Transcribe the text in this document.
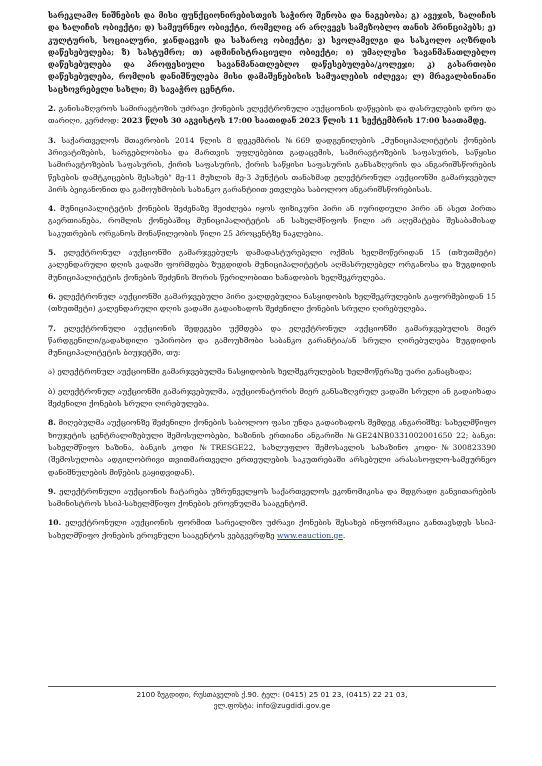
სარეკლამო ნიშნების და მისი ფუნქციონირებისთვის საჭირო შენობა და ნაგებობა; გ) ავეჯის, ხალიჩის და ხალიჩის ობიექტი; დ) სამეურნეო ობიექტი, რომელიც არ არღვევს სამეზობლო თანის პრინციპებს; ე) კულტურის, სოციალური, ჯანდაცვის და სახაროვ ობიექტი; ვ) სვოლამელგი და სასკოლო აღზრდის დაწესებულება; ზ) სასტუმრო; თ) ადმინისტრაციული ობიექტი; ი) უმაღლესი სავანმანათლებლო დაწესებულება და პროფესიული სავანმანათლებლო დაწესებულება/კოლეჯი; კ) გასართობი დაწესებულება, რომლის დანიშნულება მისი დამაშენებისის სამუალების იძლევა; ლ) მრავალბინიანი საცხოვრებელი სახლი; მ) სავაჭრო ცენტრი.

2. განისაზღვროს სამირავტოზის უძრავი ქონების ელექტრონული აუქციონის დაწყების და დასრულების დრო და თარიღი, კერძოდ: 2023 წლის 30 აგვისტოს 17:00 საათიდან 2023 წლის 11 სექტემბრის 17:00 საათამდე.

3. საქართველოს მთავრობის 2014 წლის 8 დეკემბრის №669 დადგენილების „მუნიციპალიტეტის ქონების პრივატიზების, სარგებლობისა და მართვის უფლებებით გადაცემის, სამირავტოზების საფასურის, საწყისი სამირავტოზების საფასურის, ქირის საფასურის, ქირის საწყისი საფასურის განსაზღვრის და ანგარიშსწორების წესების დამტკიცების შესახებ" მე-11 მუხლის მე-3 პუნქტის თანახმად ელექტრონულ აუქციონში გამარჯვებულ პირს ბეიგანონით და გამოუხმობის სახანკო გარანტიით ეთვლება საბოლოო ანგარიშსწორებისას.

4. მუნიციპალიტეტის ქონების შეძენაზე შეიძლება იყოს ფიზიკური პირი ან იურიდიული პირი ან ასეთ პირთა გაერთიანება, რომლის ქონებაშიც მუნიციპალიტეტის ან სახელმწიფოს წილი არ აღემატება შესაბამისად საკუთრების ორგანოს მონაწილეობის წილი 25 პროცენტზე ნაკლებია.

5. ელექტრონულ აუქციონში გამარჯვებულს დამადასტურებელი ოქმის ხელმოწერიდან 15 (თხუთმეტი) კალენდარული დღის ვადაში ფორმდება ზუგდიდის მუნიციპალიტეტის აღმასრულებელ ორგანოსა და ზუგდიდის მუნიციპალიტეტის ქონების შეძენის შორის წერილობითი ხანადობის ხელშეკრულება.

6. ელექტრონულ აუქციონში გამარჯვებული პირი ვალდებულია ნასყიდობის ხელშეკრულების გაფორმებიდან 15 (თხუთმეტი) კალენდარული დღის ვადაში გადაიხადოს შეძენილი ქონების სრული ღირებულება.

7. ელექტრონული აუქციონის შედეგები უქმდება და ელექტრონულ აუქციონში გამარჯვებულის მიერ წარდგენილი/გადახდილი უპირობო და გამოუხმობი საბანკო გარანტია/ან სრული ღირებულება ზუგდიდის მუნიციპალიტეტის ბიუჯეტში, თუ:

ა) ელექტრონულ აუქციონში გამარჯვებულმა ნასყიდობის ხელშეკრულების ხელმოწერაზე უარი განაცხადა;

ბ) ელექტრონულ აუქციონში გამარჯვებულმა, აუქციონატორის მიერ განსაზღვრულ ვადაში სრული ან გადაიხადა შეძენილი ქონების სრული ღირებულება.

8. მიღებულმა აუქციონზე შეძენილი ქონების საბოლოო ფასი უნდა გადაიხადოს შემდეგ ანგარიშზე: სახელმწიფო ხიუჯეტის ცენტრალიზებული შემოსულობები, ხაზინის ერთიანი ანგარიში №GE24NB0331002001650 22; ბანკი: სახელმწიფო ხაზინა, ბანკის კოდი №TRESGE22, სახლუფლო შემოსავლის სახაზინო კოდი-№300823390 (შემოსულობა ადგილობრივი თვითმართველი ერთეულების საკუთრებაში არსებული არასასოფლო-სამეურნეო დანიშნულების მიწების გაყიდვიდან).

9. ელექტრონული აუქციონის ჩატარება უზრუნველყოს საქართველოს ეკონომიკისა და მდგრადი განვითარების სამინისტროს სსიპ-სახელმწიფო ქონების ეროვნულმა სააგენტომ.

10. ელექტრონული აუქციონის ფორმით სარეალიზო უძრავი ქონების შესახებ ინფორმაცია განთავსდეს სსიპ-სახელმწიფო ქონების ეროვნული სააგენტოს ვებგვერდზე www.eauction.ge.

2100 ზუგდიდი, რუსთაველის ქ.90. ტელ: (0415) 25 01 23, (0415) 22 21 03,

ელ.ფოსტა: info@zugdidi.gov.ge
